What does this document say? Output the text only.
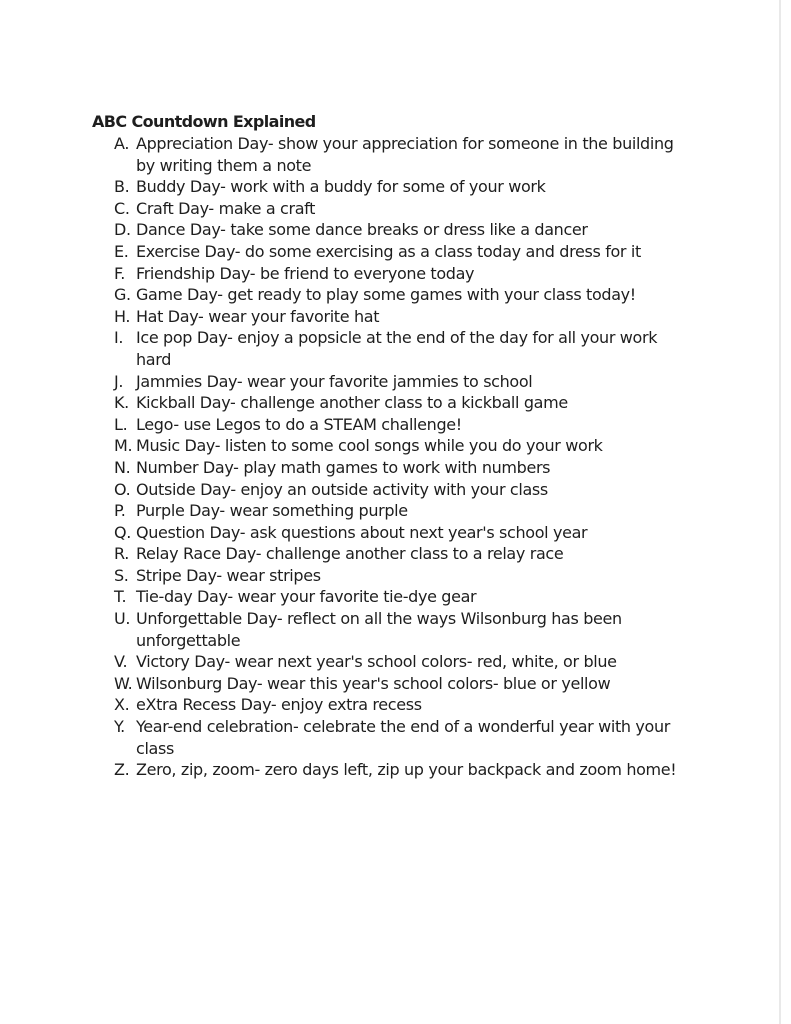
ABC Countdown Explained
A. Appreciation Day- show your appreciation for someone in the building by writing them a note
B. Buddy Day- work with a buddy for some of your work
C. Craft Day- make a craft
D. Dance Day- take some dance breaks or dress like a dancer
E. Exercise Day- do some exercising as a class today and dress for it
F. Friendship Day- be friend to everyone today
G. Game Day- get ready to play some games with your class today!
H. Hat Day- wear your favorite hat
I. Ice pop Day- enjoy a popsicle at the end of the day for all your work hard
J. Jammies Day- wear your favorite jammies to school
K. Kickball Day- challenge another class to a kickball game
L. Lego- use Legos to do a STEAM challenge!
M. Music Day- listen to some cool songs while you do your work
N. Number Day- play math games to work with numbers
O. Outside Day- enjoy an outside activity with your class
P. Purple Day- wear something purple
Q. Question Day- ask questions about next year's school year
R. Relay Race Day- challenge another class to a relay race
S. Stripe Day- wear stripes
T. Tie-day Day- wear your favorite tie-dye gear
U. Unforgettable Day- reflect on all the ways Wilsonburg has been unforgettable
V. Victory Day- wear next year's school colors- red, white, or blue
W. Wilsonburg Day- wear this year's school colors- blue or yellow
X. eXtra Recess Day- enjoy extra recess
Y. Year-end celebration- celebrate the end of a wonderful year with your class
Z. Zero, zip, zoom- zero days left, zip up your backpack and zoom home!
